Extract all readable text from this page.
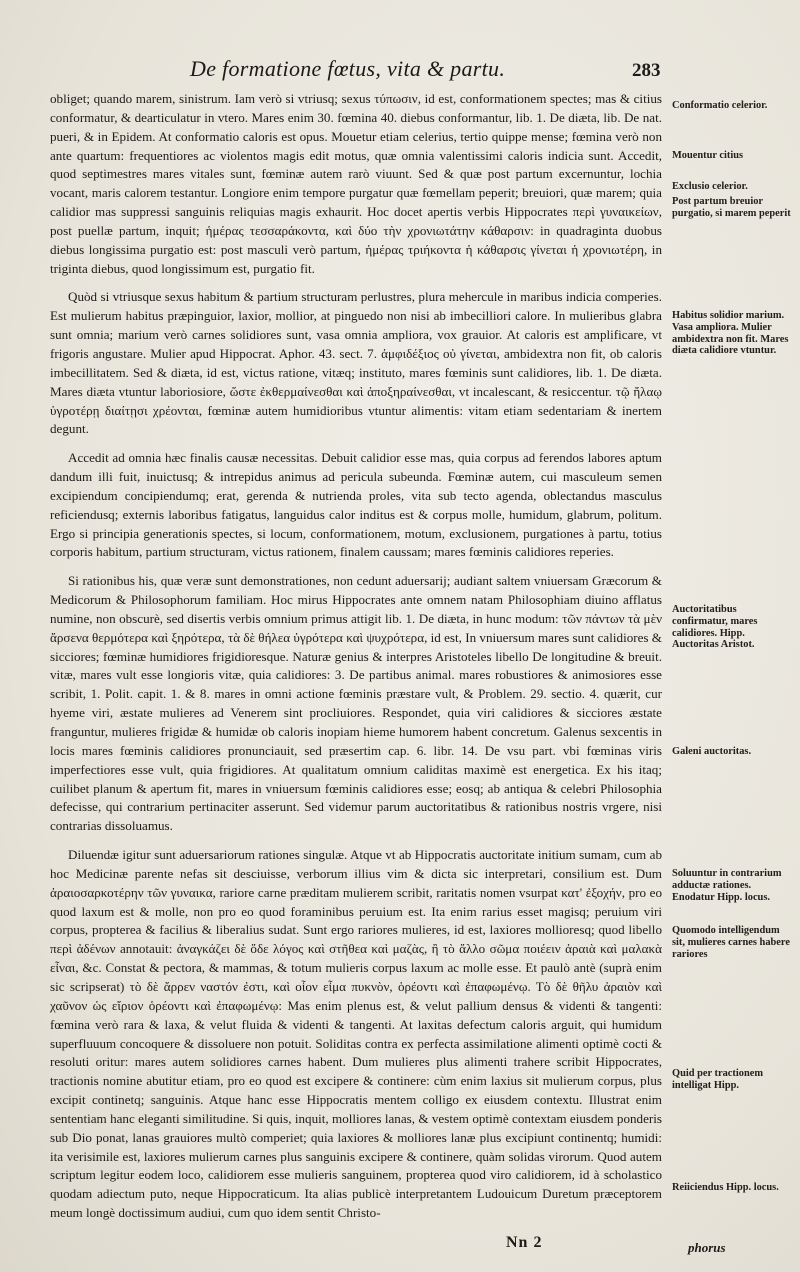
De formatione fœtus, vita & partu.	283

obliget; quando marem, sinistrum. Iam verò si vtriusq; sexus τύπωσιν, id est, conformationem spectes; mas & citius conformatur, & dearticulatur in vtero. Mares enim 30. fœmina 40. diebus conformantur, lib. 1. De diæta, lib. De nat. pueri, & in Epidem. At conformatio caloris est opus. Mouetur etiam celerius, tertio quippe mense; fœmina verò non ante quartum: frequentiores ac violentos magis edit motus, quæ omnia valentissimi caloris indicia sunt. Accedit, quod septimestres mares vitales sunt, fœminæ autem rarò viuunt. Sed & quæ post partum excernuntur, lochia vocant, maris calorem testantur. Longiore enim tempore purgatur quæ fœmellam peperit; breuiori, quæ marem; quia calidior mas suppressi sanguinis reliquias magis exhaurit. Hoc docet apertis verbis Hippocrates περὶ γυναικείων, post puellæ partum, inquit; ἡμέρας τεσσαράκοντα, καὶ δύο τὴν χρονιωτάτην κάθαρσιν: in quadraginta duobus diebus longissima purgatio est: post masculi verò partum, ἡμέρας τριήκοντα ἡ κάθαρσις γίνεται ἡ χρονιωτέρη, in triginta diebus, quod longissimum est, purgatio fit.

Quòd si vtriusque sexus habitum & partium structuram perlustres, plura mehercule in maribus indicia comperies. Est mulierum habitus præpinguior, laxior, mollior, at pinguedo non nisi ab imbecilliori calore. In mulieribus glabra sunt omnia; marium verò carnes solidiores sunt, vasa omnia ampliora, vox grauior. At caloris est amplificare, vt frigoris angustare. Mulier apud Hippocrat. Aphor. 43. sect. 7. ἀμφιδέξιος οὐ γίνεται, ambidextra non fit, ob caloris imbecillitatem. Sed & diæta, id est, victus ratione, vitæq; instituto, mares fœminis sunt calidiores, lib. 1. De diæta. Mares diæta vtuntur laboriosiore, ὥστε ἐκθερμαίνεσθαι καὶ ἀποξηραίνεσθαι, vt incalescant, & resiccentur. τῷ ἤλαῳ ὑγροτέρῃ διαίτῃσι χρέονται, fœminæ autem humidioribus vtuntur alimentis: vitam etiam sedentariam & inertem degunt.

Accedit ad omnia hæc finalis causæ necessitas. Debuit calidior esse mas, quia corpus ad ferendos labores aptum dandum illi fuit, inuictusq; & intrepidus animus ad pericula subeunda. Fœminæ autem, cui masculeum semen excipiendum concipiendumq; erat, gerenda & nutrienda proles, vita sub tecto agenda, oblectandus masculus reficiendusq; externis laboribus fatigatus, languidus calor inditus est & corpus molle, humidum, glabrum, politum. Ergo si principia generationis spectes, si locum, conformationem, motum, exclusionem, purgationes à partu, totius corporis habitum, partium structuram, victus rationem, finalem caussam; mares fœminis calidiores reperies.

Si rationibus his, quæ veræ sunt demonstrationes, non cedunt aduersarij; audiant saltem vniuersam Græcorum & Medicorum & Philosophorum familiam. Hoc mirus Hippocrates ante omnem natam Philosophiam diuino afflatus numine, non obscurè, sed disertis verbis omnium primus attigit lib. 1. De diæta, in hunc modum: τῶν πάντων τὰ μὲν ἄρσενα θερμότερα καὶ ξηρότερα, τὰ δὲ θήλεα ὑγρότερα καὶ ψυχρότερα, id est, In vniuersum mares sunt calidiores & sicciores; fœminæ humidiores frigidioresque. Naturæ genius & interpres Aristoteles libello De longitudine & breuit. vitæ, mares vult esse longioris vitæ, quia calidiores: 3. De partibus animal. mares robustiores & animosiores esse scribit, 1. Polit. capit. 1. & 8. mares in omni actione fœminis præstare vult, & Problem. 29. sectio. 4. quærit, cur hyeme viri, æstate mulieres ad Venerem sint procliuiores. Respondet, quia viri calidiores & sicciores æstate franguntur, mulieres frigidæ & humidæ ob caloris inopiam hieme humorem habent concretum. Galenus sexcentis in locis mares fœminis calidiores pronunciauit, sed præsertim cap. 6. libr. 14. De vsu part. vbi fœminas viris imperfectiores esse vult, quia frigidiores. At qualitatum omnium caliditas maximè est energetica. Ex his itaq; cuilibet planum & apertum fit, mares in vniuersum fœminis calidiores esse; eosq; ab antiqua & celebri Philosophia defecisse, qui contrarium pertinaciter asserunt. Sed videmur parum auctoritatibus & rationibus nostris vrgere, nisi contrarias dissoluamus.

Diluendæ igitur sunt aduersariorum rationes singulæ. Atque vt ab Hippocratis auctoritate initium sumam, cum ab hoc Medicinæ parente nefas sit desciuisse, verborum illius vim & dicta sic interpretari, consilium est. Dum ἀραιοσαρκοτέρην τῶν γυναικα, rariore carne præditam mulierem scribit, raritatis nomen vsurpat κατ' ἐξοχήν, pro eo quod laxum est & molle, non pro eo quod foraminibus peruium est. Ita enim rarius esset magisq; peruium viri corpus, propterea & facilius & liberalius sudat. Sunt ergo rariores mulieres, id est, laxiores mollioresq; quod libello περὶ ἀδένων annotauit: ἀναγκάζει δὲ ὅδε λόγος καὶ στῆθεα καὶ μαζὰς, ἢ τὸ ἄλλο σῶμα ποιέειν ἀραιὰ καὶ μαλακὰ εἶναι, &c. Constat & pectora, & mammas, & totum mulieris corpus laxum ac molle esse. Et paulò antè (suprà enim sic scripserat) τὸ δὲ ἄρρεν ναστόν ἐστι, καὶ οἷον εἶμα πυκνὸν, ὁρέοντι καὶ ἐπαφωμένῳ. Τὸ δὲ θῆλυ ἀραιὸν καὶ χαῦνον ὡς εἴριον ὁρέοντι καὶ ἐπαφωμένῳ: Mas enim plenus est, & velut pallium densus & videnti & tangenti: fœmina verò rara & laxa, & velut fluida & videnti & tangenti. At laxitas defectum caloris arguit, qui humidum superfluuum concoquere & dissoluere non potuit. Soliditas contra ex perfecta assimilatione alimenti optimè cocti & resoluti oritur: mares autem solidiores carnes habent. Dum mulieres plus alimenti trahere scribit Hippocrates, tractionis nomine abutitur etiam, pro eo quod est excipere & continere: cùm enim laxius sit mulierum corpus, plus excipit continetq; sanguinis. Atque hanc esse Hippocratis mentem colligo ex eiusdem contextu. Illustrat enim sententiam hanc eleganti similitudine. Si quis, inquit, molliores lanas, & vestem optimè contextam eiusdem ponderis sub Dio ponat, lanas grauiores multò comperiet; quia laxiores & molliores lanæ plus excipiunt continentq; humidi: ita verisimile est, laxiores mulierum carnes plus sanguinis excipere & continere, quàm solidas virorum. Quod autem scriptum legitur eodem loco, calidiorem esse mulieris sanguinem, propterea quod viro calidiorem, id à scholastico quodam adiectum puto, neque Hippocraticum. Ita alias publicè interpretantem Ludouicum Duretum præceptorem meum longè doctissimum audiui, cum quo idem sentit Christo-

Conformatio celerior.
Mouentur citius
Exclusio celerior.
Post partum breuior purgatio, si marem peperit
Habitus solidior marium. Vasa ampliora. Mulier ambidextra non fit. Mares diæta calidiore vtuntur.
Auctoritatibus confirmatur, mares calidiores. Hipp. Auctoritas Aristot.
Galeni auctoritas.
Soluuntur in contrarium adductæ rationes. Enodatur Hipp. locus.
Quomodo intelligendum sit, mulieres carnes habere rariores
Quid per tractionem intelligat Hipp.
Reiiciendus Hipp. locus.
Nn 2	phorus
